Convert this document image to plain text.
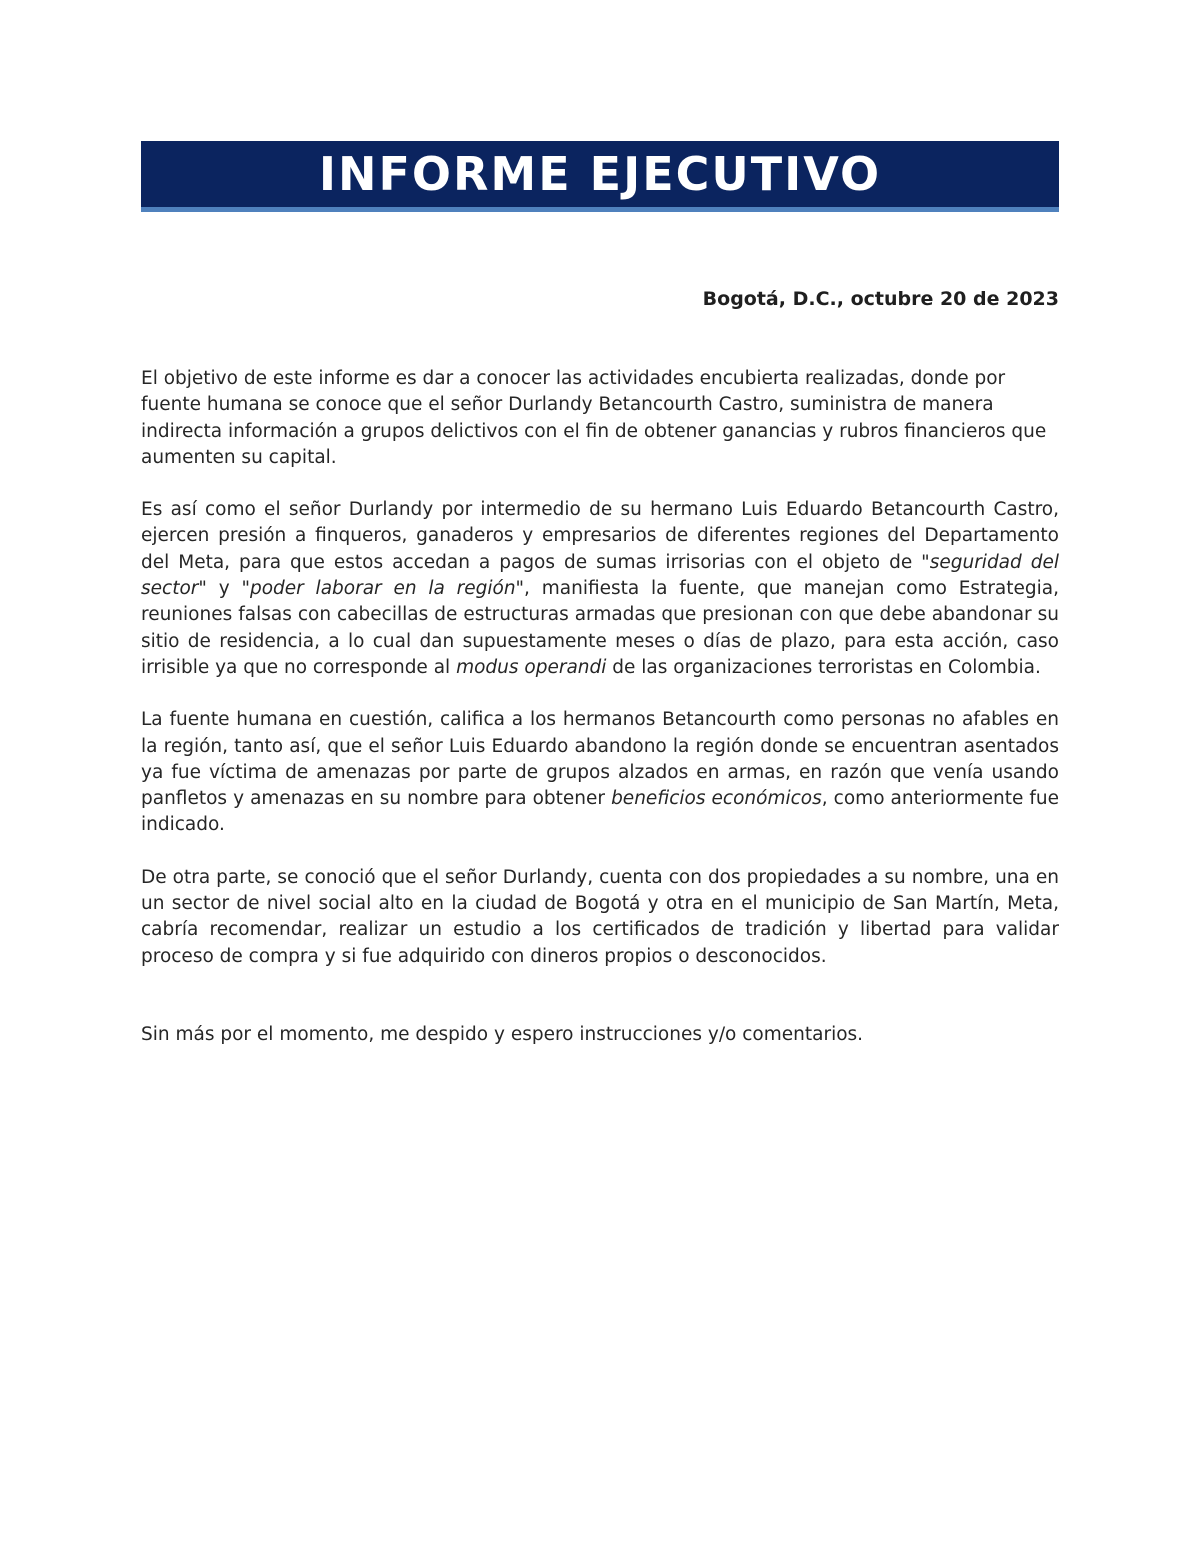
INFORME EJECUTIVO
Bogotá, D.C., octubre 20 de 2023

El objetivo de este informe es dar a conocer las actividades encubierta realizadas, donde por fuente humana se conoce que el señor Durlandy Betancourth Castro, suministra de manera indirecta información a grupos delictivos con el fin de obtener ganancias y rubros financieros que aumenten su capital.

Es así como el señor Durlandy por intermedio de su hermano Luis Eduardo Betancourth Castro, ejercen presión a finqueros, ganaderos y empresarios de diferentes regiones del Departamento del Meta, para que estos accedan a pagos de sumas irrisorias con el objeto de "seguridad del sector" y "poder laborar en la región", manifiesta la fuente, que manejan como Estrategia, reuniones falsas con cabecillas de estructuras armadas que presionan con que debe abandonar su sitio de residencia, a lo cual dan supuestamente meses o días de plazo, para esta acción, caso irrisible ya que no corresponde al modus operandi de las organizaciones terroristas en Colombia.

La fuente humana en cuestión, califica a los hermanos Betancourth como personas no afables en la región, tanto así, que el señor Luis Eduardo abandono la región donde se encuentran asentados ya fue víctima de amenazas por parte de grupos alzados en armas, en razón que venía usando panfletos y amenazas en su nombre para obtener beneficios económicos, como anteriormente fue indicado.

De otra parte, se conoció que el señor Durlandy, cuenta con dos propiedades a su nombre, una en un sector de nivel social alto en la ciudad de Bogotá y otra en el municipio de San Martín, Meta, cabría recomendar, realizar un estudio a los certificados de tradición y libertad para validar proceso de compra y si fue adquirido con dineros propios o desconocidos.

Sin más por el momento, me despido y espero instrucciones y/o comentarios.
